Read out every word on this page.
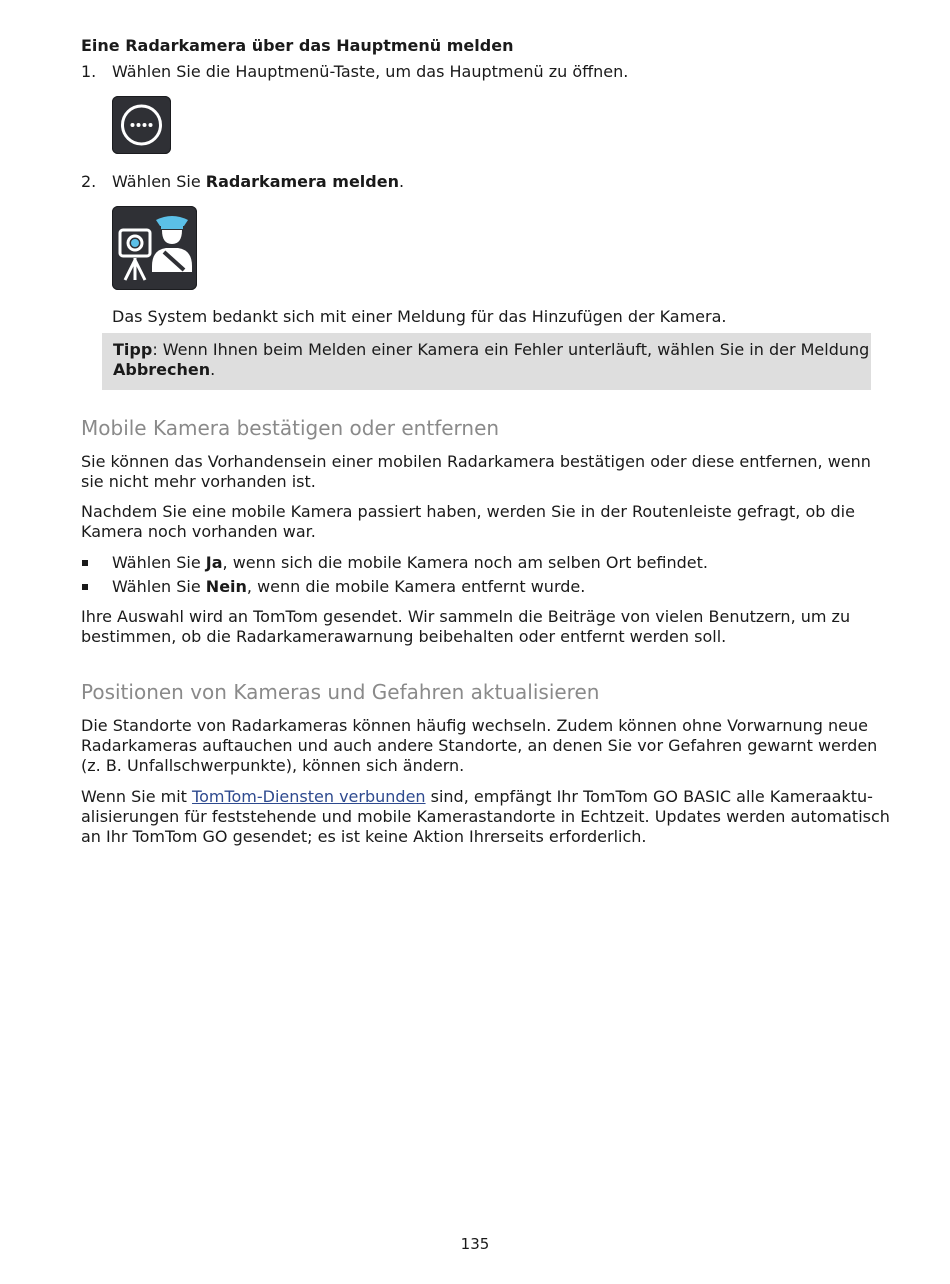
Eine Radarkamera über das Hauptmenü melden
1. Wählen Sie die Hauptmenü-Taste, um das Hauptmenü zu öffnen.
2. Wählen Sie Radarkamera melden.
Das System bedankt sich mit einer Meldung für das Hinzufügen der Kamera.
Tipp: Wenn Ihnen beim Melden einer Kamera ein Fehler unterläuft, wählen Sie in der Meldung
Abbrechen.
Mobile Kamera bestätigen oder entfernen
Sie können das Vorhandensein einer mobilen Radarkamera bestätigen oder diese entfernen, wenn
sie nicht mehr vorhanden ist.
Nachdem Sie eine mobile Kamera passiert haben, werden Sie in der Routenleiste gefragt, ob die
Kamera noch vorhanden war.
Wählen Sie Ja, wenn sich die mobile Kamera noch am selben Ort befindet.
Wählen Sie Nein, wenn die mobile Kamera entfernt wurde.
Ihre Auswahl wird an TomTom gesendet. Wir sammeln die Beiträge von vielen Benutzern, um zu
bestimmen, ob die Radarkamerawarnung beibehalten oder entfernt werden soll.
Positionen von Kameras und Gefahren aktualisieren
Die Standorte von Radarkameras können häufig wechseln. Zudem können ohne Vorwarnung neue
Radarkameras auftauchen und auch andere Standorte, an denen Sie vor Gefahren gewarnt werden
(z. B. Unfallschwerpunkte), können sich ändern.
Wenn Sie mit TomTom-Diensten verbunden sind, empfängt Ihr TomTom GO BASIC alle Kameraaktu-
alisierungen für feststehende und mobile Kamerastandorte in Echtzeit. Updates werden automatisch
an Ihr TomTom GO gesendet; es ist keine Aktion Ihrerseits erforderlich.
135
